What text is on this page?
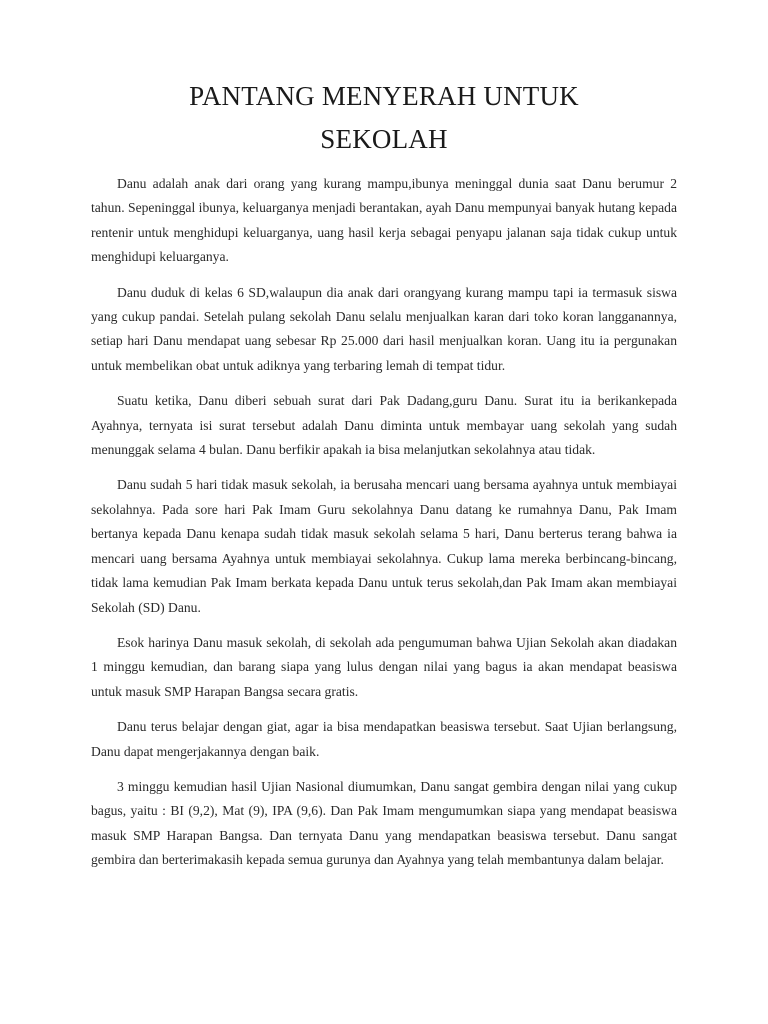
PANTANG MENYERAH UNTUK
SEKOLAH

Danu adalah anak dari orang yang kurang mampu,ibunya meninggal dunia saat Danu berumur 2 tahun. Sepeninggal ibunya, keluarganya menjadi berantakan, ayah Danu mempunyai banyak hutang kepada rentenir untuk menghidupi keluarganya, uang hasil kerja sebagai penyapu jalanan saja tidak cukup untuk menghidupi keluarganya.

Danu duduk di kelas 6 SD,walaupun dia anak dari orangyang kurang mampu tapi ia termasuk siswa yang cukup pandai. Setelah pulang sekolah Danu selalu menjualkan karan dari toko koran langganannya, setiap hari Danu mendapat uang sebesar Rp 25.000 dari hasil menjualkan koran. Uang itu ia pergunakan untuk membelikan obat untuk adiknya yang terbaring lemah di tempat tidur.

Suatu ketika, Danu diberi sebuah surat dari Pak Dadang,guru Danu. Surat itu ia berikankepada Ayahnya, ternyata isi surat tersebut adalah Danu diminta untuk membayar uang sekolah yang sudah menunggak selama 4 bulan. Danu berfikir apakah ia bisa melanjutkan sekolahnya atau tidak.

Danu sudah 5 hari tidak masuk sekolah, ia berusaha mencari uang bersama ayahnya untuk membiayai sekolahnya. Pada sore hari Pak Imam Guru sekolahnya Danu datang ke rumahnya Danu, Pak Imam bertanya kepada Danu kenapa sudah tidak masuk sekolah selama 5 hari, Danu berterus terang bahwa ia mencari uang bersama Ayahnya untuk membiayai sekolahnya. Cukup lama mereka berbincang-bincang, tidak lama kemudian Pak Imam berkata kepada Danu untuk terus sekolah,dan Pak Imam akan membiayai Sekolah (SD) Danu.

Esok harinya Danu masuk sekolah, di sekolah ada pengumuman bahwa Ujian Sekolah akan diadakan 1 minggu kemudian, dan barang siapa yang lulus dengan nilai yang bagus ia akan mendapat beasiswa untuk masuk SMP Harapan Bangsa secara gratis.

Danu terus belajar dengan giat, agar ia bisa mendapatkan beasiswa tersebut. Saat Ujian berlangsung, Danu dapat mengerjakannya dengan baik.

3 minggu kemudian hasil Ujian Nasional diumumkan, Danu sangat gembira dengan nilai yang cukup bagus, yaitu : BI (9,2), Mat (9), IPA (9,6). Dan Pak Imam mengumumkan siapa yang mendapat beasiswa masuk SMP Harapan Bangsa. Dan ternyata Danu yang mendapatkan beasiswa tersebut. Danu sangat gembira dan berterimakasih kepada semua gurunya dan Ayahnya yang telah membantunya dalam belajar.
